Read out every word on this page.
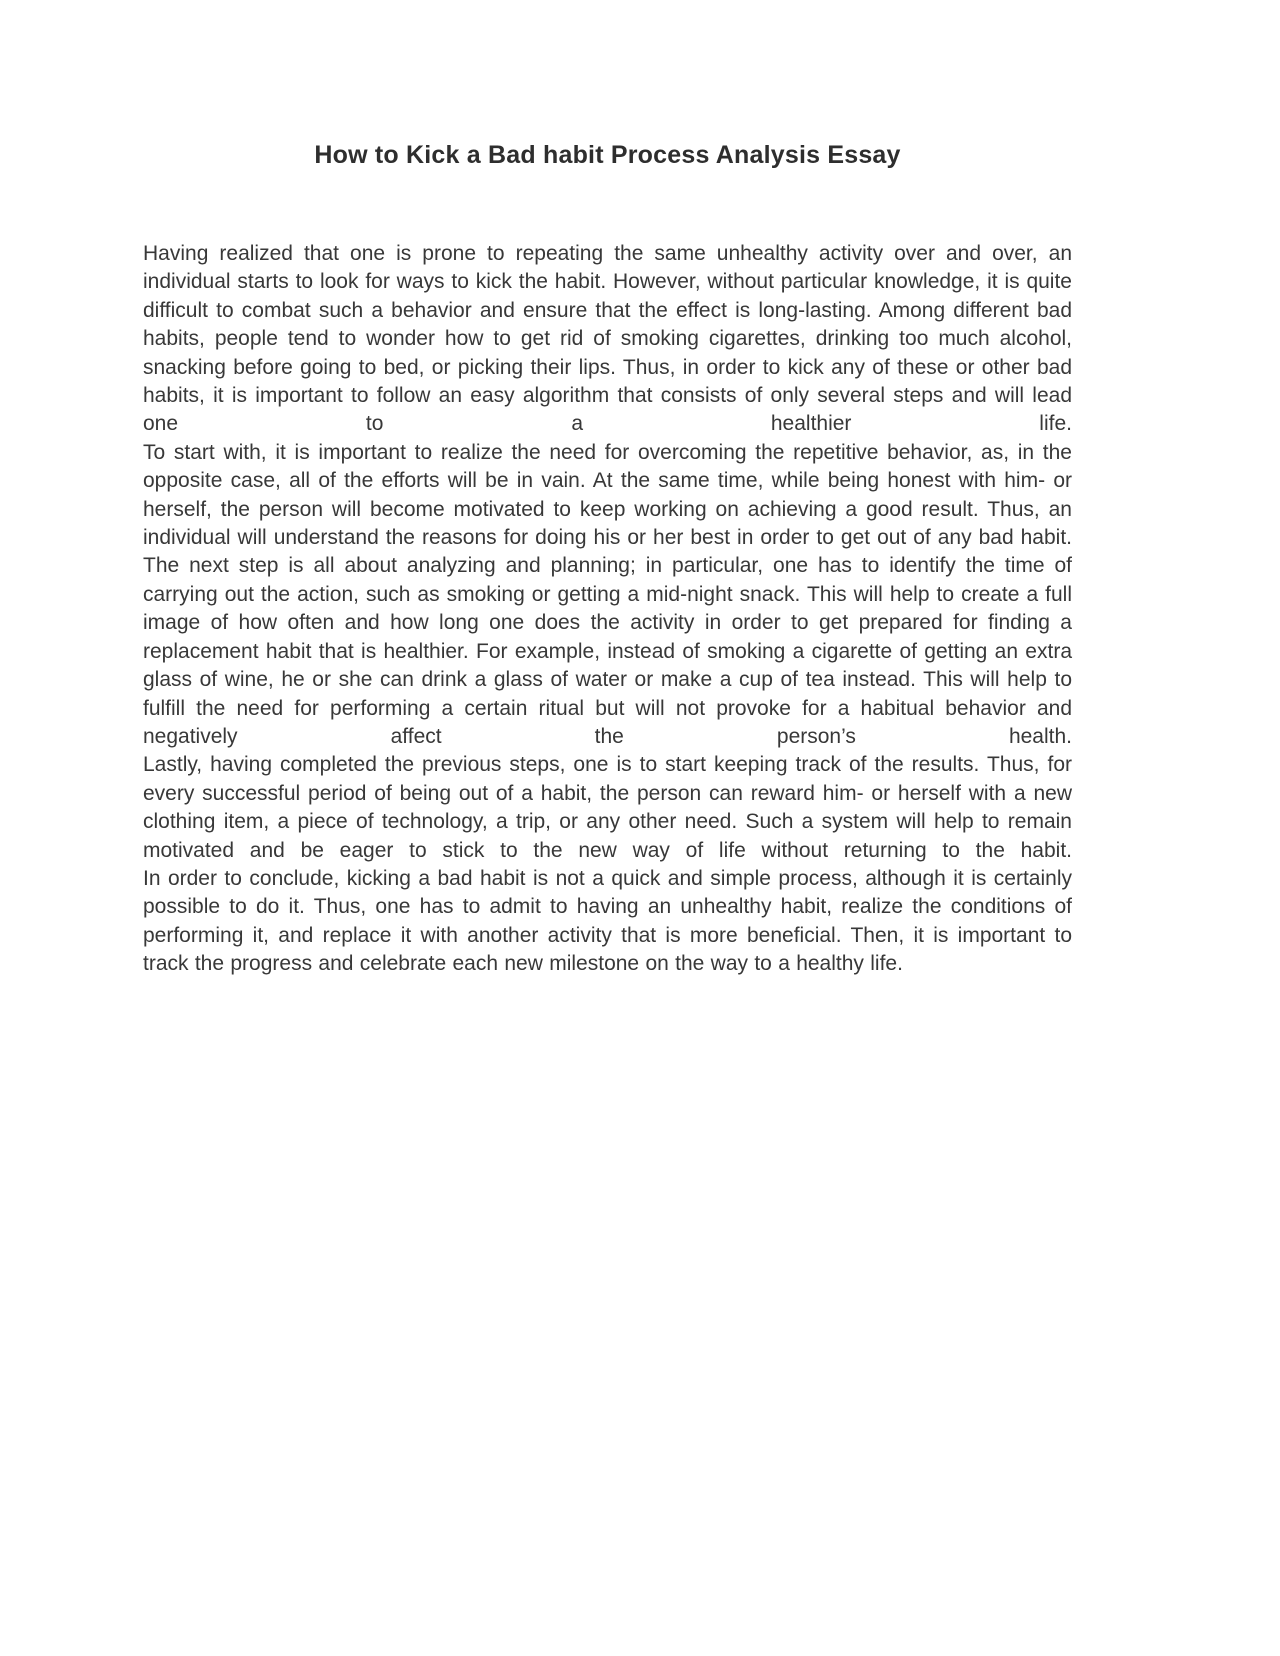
How to Kick a Bad habit Process Analysis Essay
Having realized that one is prone to repeating the same unhealthy activity over and over, an individual starts to look for ways to kick the habit. However, without particular knowledge, it is quite difficult to combat such a behavior and ensure that the effect is long-lasting. Among different bad habits, people tend to wonder how to get rid of smoking cigarettes, drinking too much alcohol, snacking before going to bed, or picking their lips. Thus, in order to kick any of these or other bad habits, it is important to follow an easy algorithm that consists of only several steps and will lead one to a healthier life.
To start with, it is important to realize the need for overcoming the repetitive behavior, as, in the opposite case, all of the efforts will be in vain. At the same time, while being honest with him- or herself, the person will become motivated to keep working on achieving a good result. Thus, an individual will understand the reasons for doing his or her best in order to get out of any bad habit.
The next step is all about analyzing and planning; in particular, one has to identify the time of carrying out the action, such as smoking or getting a mid-night snack. This will help to create a full image of how often and how long one does the activity in order to get prepared for finding a replacement habit that is healthier. For example, instead of smoking a cigarette of getting an extra glass of wine, he or she can drink a glass of water or make a cup of tea instead. This will help to fulfill the need for performing a certain ritual but will not provoke for a habitual behavior and negatively affect the person’s health.
Lastly, having completed the previous steps, one is to start keeping track of the results. Thus, for every successful period of being out of a habit, the person can reward him- or herself with a new clothing item, a piece of technology, a trip, or any other need. Such a system will help to remain motivated and be eager to stick to the new way of life without returning to the habit.
In order to conclude, kicking a bad habit is not a quick and simple process, although it is certainly possible to do it. Thus, one has to admit to having an unhealthy habit, realize the conditions of performing it, and replace it with another activity that is more beneficial. Then, it is important to track the progress and celebrate each new milestone on the way to a healthy life.
